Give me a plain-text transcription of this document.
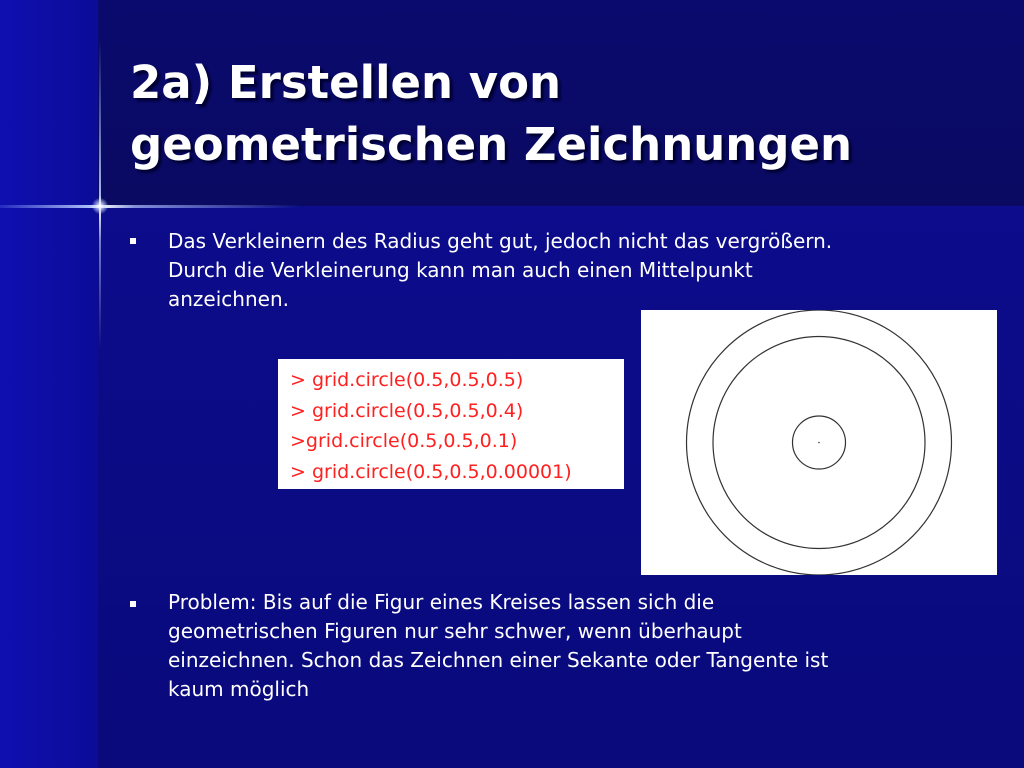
2a) Erstellen von
geometrischen Zeichnungen

Das Verkleinern des Radius geht gut, jedoch nicht das vergrößern.
Durch die Verkleinerung kann man auch einen Mittelpunkt
anzeichnen.

> grid.circle(0.5,0.5,0.5)
> grid.circle(0.5,0.5,0.4)
>grid.circle(0.5,0.5,0.1)
> grid.circle(0.5,0.5,0.00001)

Problem: Bis auf die Figur eines Kreises lassen sich die
geometrischen Figuren nur sehr schwer, wenn überhaupt
einzeichnen. Schon das Zeichnen einer Sekante oder Tangente ist
kaum möglich
